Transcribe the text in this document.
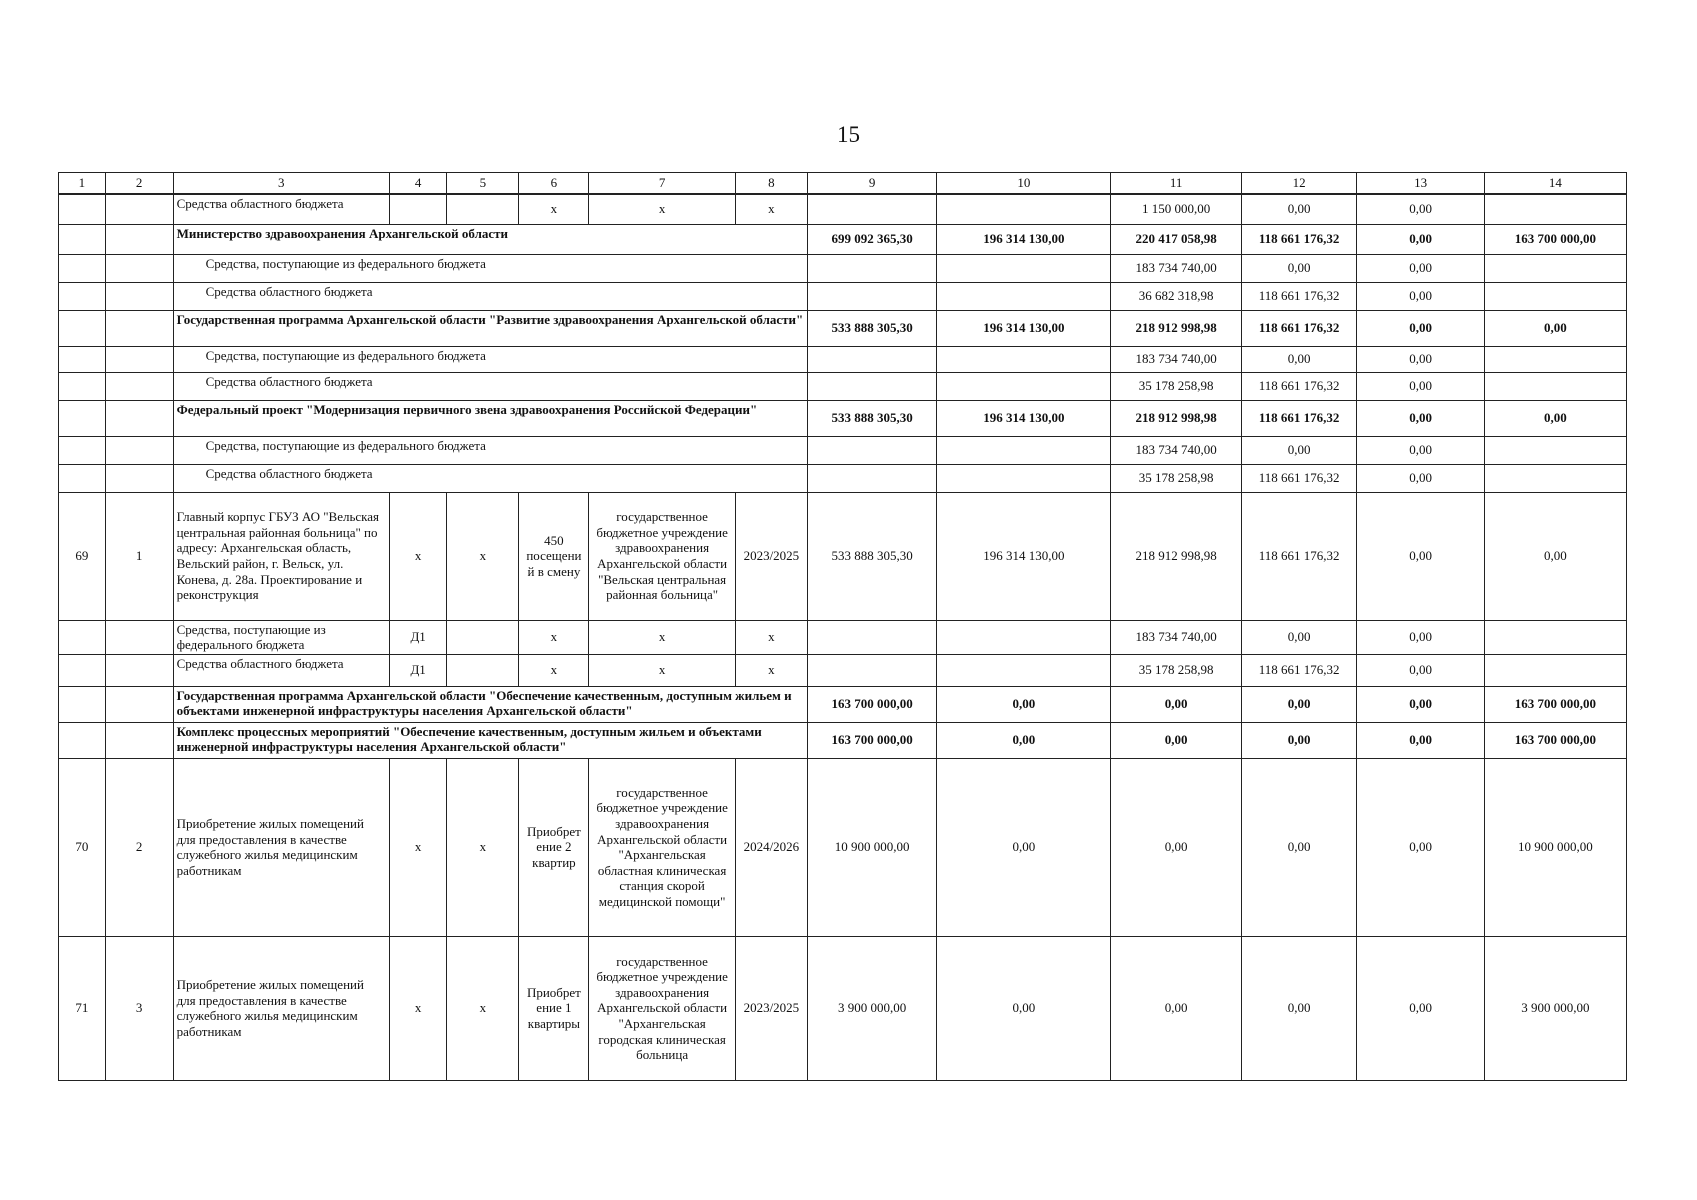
15
1	2	3	4	5	6	7	8	9	10	11	12	13	14
		Средства областного бюджета			x	x	x			1 150 000,00	0,00	0,00	
		Министерство здравоохранения Архангельской области						699 092 365,30	196 314 130,00	220 417 058,98	118 661 176,32	0,00	163 700 000,00
		Средства, поступающие из федерального бюджета								183 734 740,00	0,00	0,00	
		Средства областного бюджета								36 682 318,98	118 661 176,32	0,00	
		Государственная программа Архангельской области "Развитие здравоохранения Архангельской области"						533 888 305,30	196 314 130,00	218 912 998,98	118 661 176,32	0,00	0,00
		Средства, поступающие из федерального бюджета								183 734 740,00	0,00	0,00	
		Средства областного бюджета								35 178 258,98	118 661 176,32	0,00	
		Федеральный проект "Модернизация первичного звена здравоохранения Российской Федерации"						533 888 305,30	196 314 130,00	218 912 998,98	118 661 176,32	0,00	0,00
		Средства, поступающие из федерального бюджета								183 734 740,00	0,00	0,00	
		Средства областного бюджета								35 178 258,98	118 661 176,32	0,00	
69	1	Главный корпус ГБУЗ АО "Вельская центральная районная больница" по адресу: Архангельская область, Вельский район, г. Вельск, ул. Конева, д. 28а. Проектирование и реконструкция	x	x	450 посещени й в смену	государственное бюджетное учреждение здравоохранения Архангельской области "Вельская центральная районная больница"	2023/2025	533 888 305,30	196 314 130,00	218 912 998,98	118 661 176,32	0,00	0,00
		Средства, поступающие из федерального бюджета	Д1		x	x	x			183 734 740,00	0,00	0,00	
		Средства областного бюджета	Д1		x	x	x			35 178 258,98	118 661 176,32	0,00	
		Государственная программа Архангельской области "Обеспечение качественным, доступным жильем и объектами инженерной инфраструктуры населения Архангельской области"						163 700 000,00	0,00	0,00	0,00	0,00	163 700 000,00
		Комплекс процессных мероприятий "Обеспечение качественным, доступным жильем и объектами инженерной инфраструктуры населения Архангельской области"						163 700 000,00	0,00	0,00	0,00	0,00	163 700 000,00
70	2	Приобретение жилых помещений для предоставления в качестве служебного жилья медицинским работникам	x	x	Приобрет ение 2 квартир	государственное бюджетное учреждение здравоохранения Архангельской области "Архангельская областная клиническая станция скорой медицинской помощи"	2024/2026	10 900 000,00	0,00	0,00	0,00	0,00	10 900 000,00
71	3	Приобретение жилых помещений для предоставления в качестве служебного жилья медицинским работникам	x	x	Приобрет ение 1 квартиры	государственное бюджетное учреждение здравоохранения Архангельской области "Архангельская городская клиническая больница	2023/2025	3 900 000,00	0,00	0,00	0,00	0,00	3 900 000,00
